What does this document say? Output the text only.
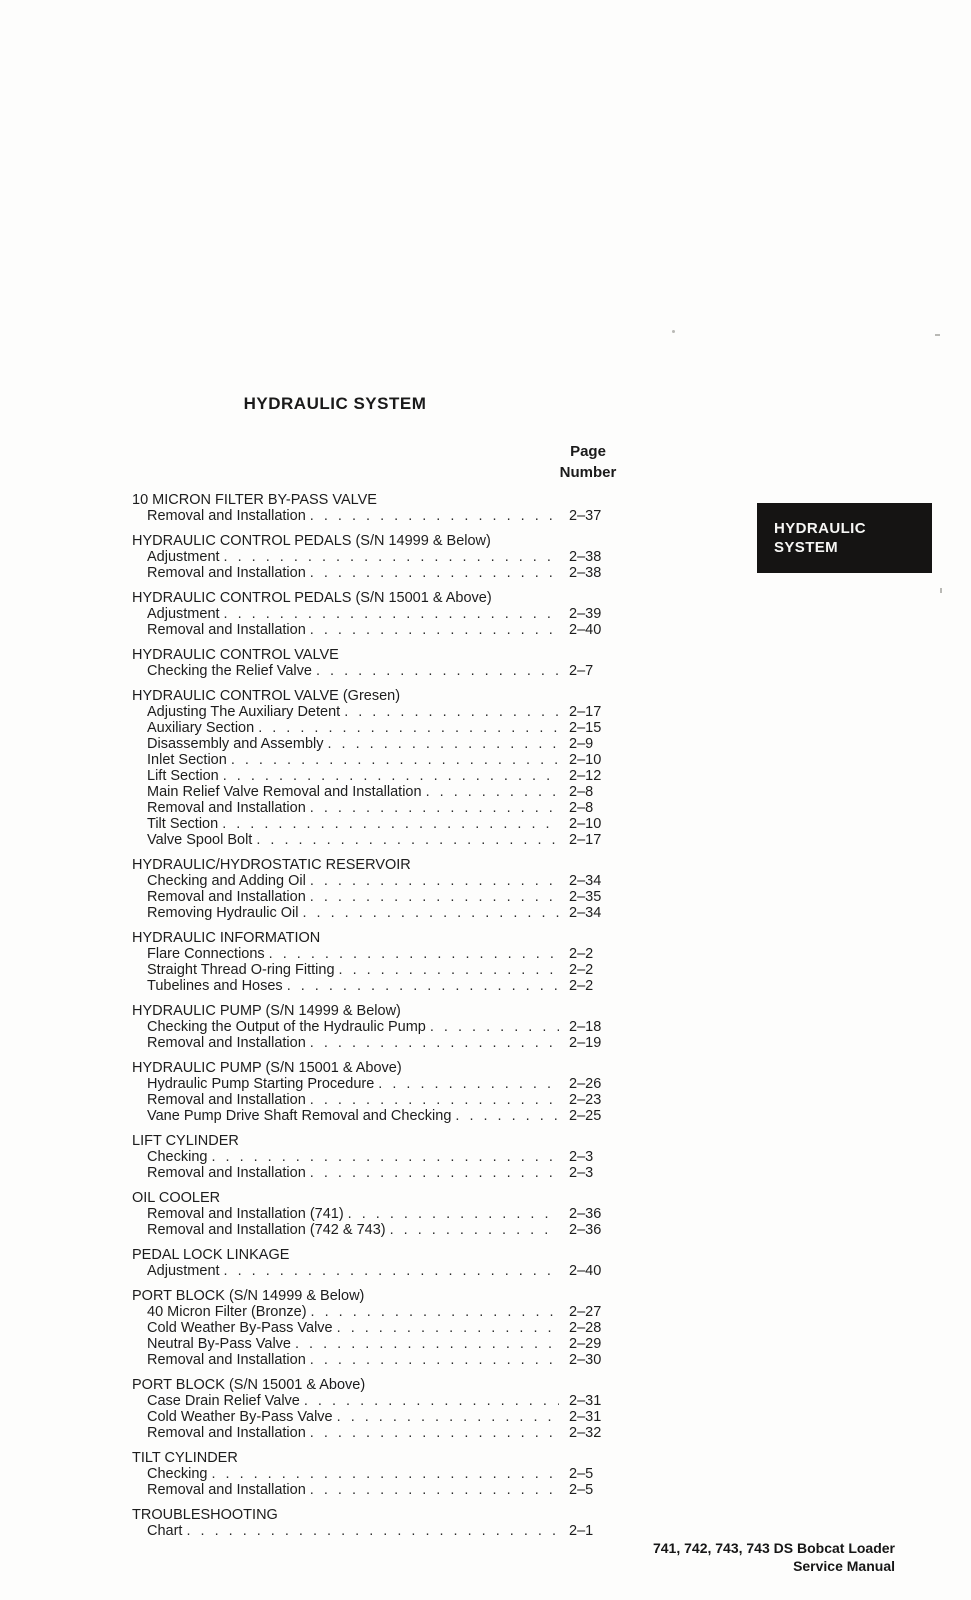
HYDRAULIC SYSTEM
Page
Number
HYDRAULIC
SYSTEM
10 MICRON FILTER BY-PASS VALVE
Removal and Installation . . .	2–37
HYDRAULIC CONTROL PEDALS (S/N 14999 & Below)
Adjustment . . .	2–38
Removal and Installation . . .	2–38
HYDRAULIC CONTROL PEDALS (S/N 15001 & Above)
Adjustment . . .	2–39
Removal and Installation . . .	2–40
HYDRAULIC CONTROL VALVE
Checking the Relief Valve . . .	2–7
HYDRAULIC CONTROL VALVE (Gresen)
Adjusting The Auxiliary Detent . . .	2–17
Auxiliary Section . . .	2–15
Disassembly and Assembly . . .	2–9
Inlet Section . . .	2–10
Lift Section . . .	2–12
Main Relief Valve Removal and Installation . . .	2–8
Removal and Installation . . .	2–8
Tilt Section . . .	2–10
Valve Spool Bolt . . .	2–17
HYDRAULIC/HYDROSTATIC RESERVOIR
Checking and Adding Oil . . .	2–34
Removal and Installation . . .	2–35
Removing Hydraulic Oil . . .	2–34
HYDRAULIC INFORMATION
Flare Connections . . .	2–2
Straight Thread O-ring Fitting . . .	2–2
Tubelines and Hoses . . .	2–2
HYDRAULIC PUMP (S/N 14999 & Below)
Checking the Output of the Hydraulic Pump . . .	2–18
Removal and Installation . . .	2–19
HYDRAULIC PUMP (S/N 15001 & Above)
Hydraulic Pump Starting Procedure . . .	2–26
Removal and Installation . . .	2–23
Vane Pump Drive Shaft Removal and Checking . . .	2–25
LIFT CYLINDER
Checking . . .	2–3
Removal and Installation . . .	2–3
OIL COOLER
Removal and Installation (741) . . .	2–36
Removal and Installation (742 & 743) . . .	2–36
PEDAL LOCK LINKAGE
Adjustment . . .	2–40
PORT BLOCK (S/N 14999 & Below)
40 Micron Filter (Bronze) . . .	2–27
Cold Weather By-Pass Valve . . .	2–28
Neutral By-Pass Valve . . .	2–29
Removal and Installation . . .	2–30
PORT BLOCK (S/N 15001 & Above)
Case Drain Relief Valve . . .	2–31
Cold Weather By-Pass Valve . . .	2–31
Removal and Installation . . .	2–32
TILT CYLINDER
Checking . . .	2–5
Removal and Installation . . .	2–5
TROUBLESHOOTING
Chart . . .	2–1
741, 742, 743, 743 DS Bobcat Loader
Service Manual
